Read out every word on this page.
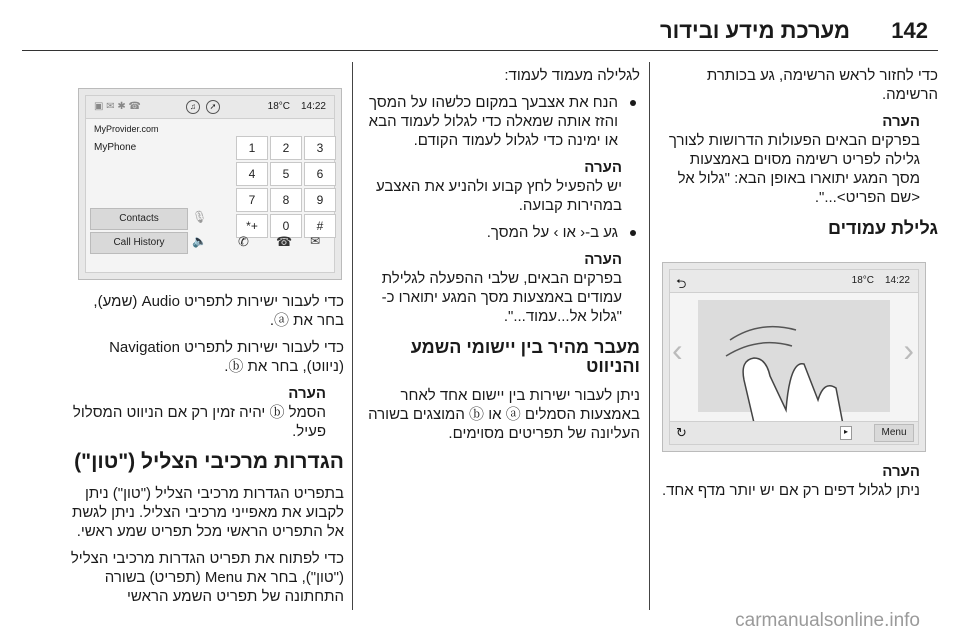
142
מערכת מידע ובידור

כדי לחזור לראש הרשימה, גע בכותרת הרשימה.

הערה

בפרקים הבאים הפעולות הדרושות לצורך גלילה לפריט רשימה מסוים באמצעות מסך המגע יתוארו באופן הבא: "גלול אל <שם הפריט>...".

גלילת עמודים

⮌	18°C 14:22
‹	›
↻	▸	Menu

הערה

ניתן לגלול דפים רק אם יש יותר מדף אחד.

לגלילה מעמוד לעמוד:

הנח את אצבעך במקום כלשהו על המסך והזז אותה שמאלה כדי לגלול לעמוד הבא או ימינה כדי לגלול לעמוד הקודם.

הערה

יש להפעיל לחץ קבוע ולהניע את האצבע במהירות קבועה.

גע ב-‹ או › על המסך.

הערה

בפרקים הבאים, שלבי ההפעלה לגלילת עמודים באמצעות מסך המגע יתוארו כ-"גלול אל...עמוד...".

מעבר מהיר בין יישומי השמע והניווט

ניתן לעבור ישירות בין יישום אחד לאחר באמצעות הסמלים ⓐ או ⓑ המוצגים בשורה העליונה של תפריטים מסוימים.

▣ ✉ ✱ ☎	♫	➚	18°C 14:22
MyProvider.com
MyPhone	1	2	3
4	5	6
7	8	9
*+	0	#
Contacts
Call History
🎙
🔈 ✆ ☎ ✉

כדי לעבור ישירות לתפריט Audio (שמע), בחר את ⓐ.

כדי לעבור ישירות לתפריט Navigation (ניווט), בחר את ⓑ.

הערה

הסמל ⓑ יהיה זמין רק אם הניווט המסלול פעיל.

הגדרות מרכיבי הצליל ("טון")

בתפריט הגדרות מרכיבי הצליל ("טון") ניתן לקבוע את מאפייני מרכיבי הצליל. ניתן לגשת אל התפריט הראשי מכל תפריט שמע ראשי.

כדי לפתוח את תפריט הגדרות מרכיבי הצליל ("טון"), בחר את Menu (תפריט) בשורה התחתונה של תפריט השמע הראשי

carmanualsonline.info
